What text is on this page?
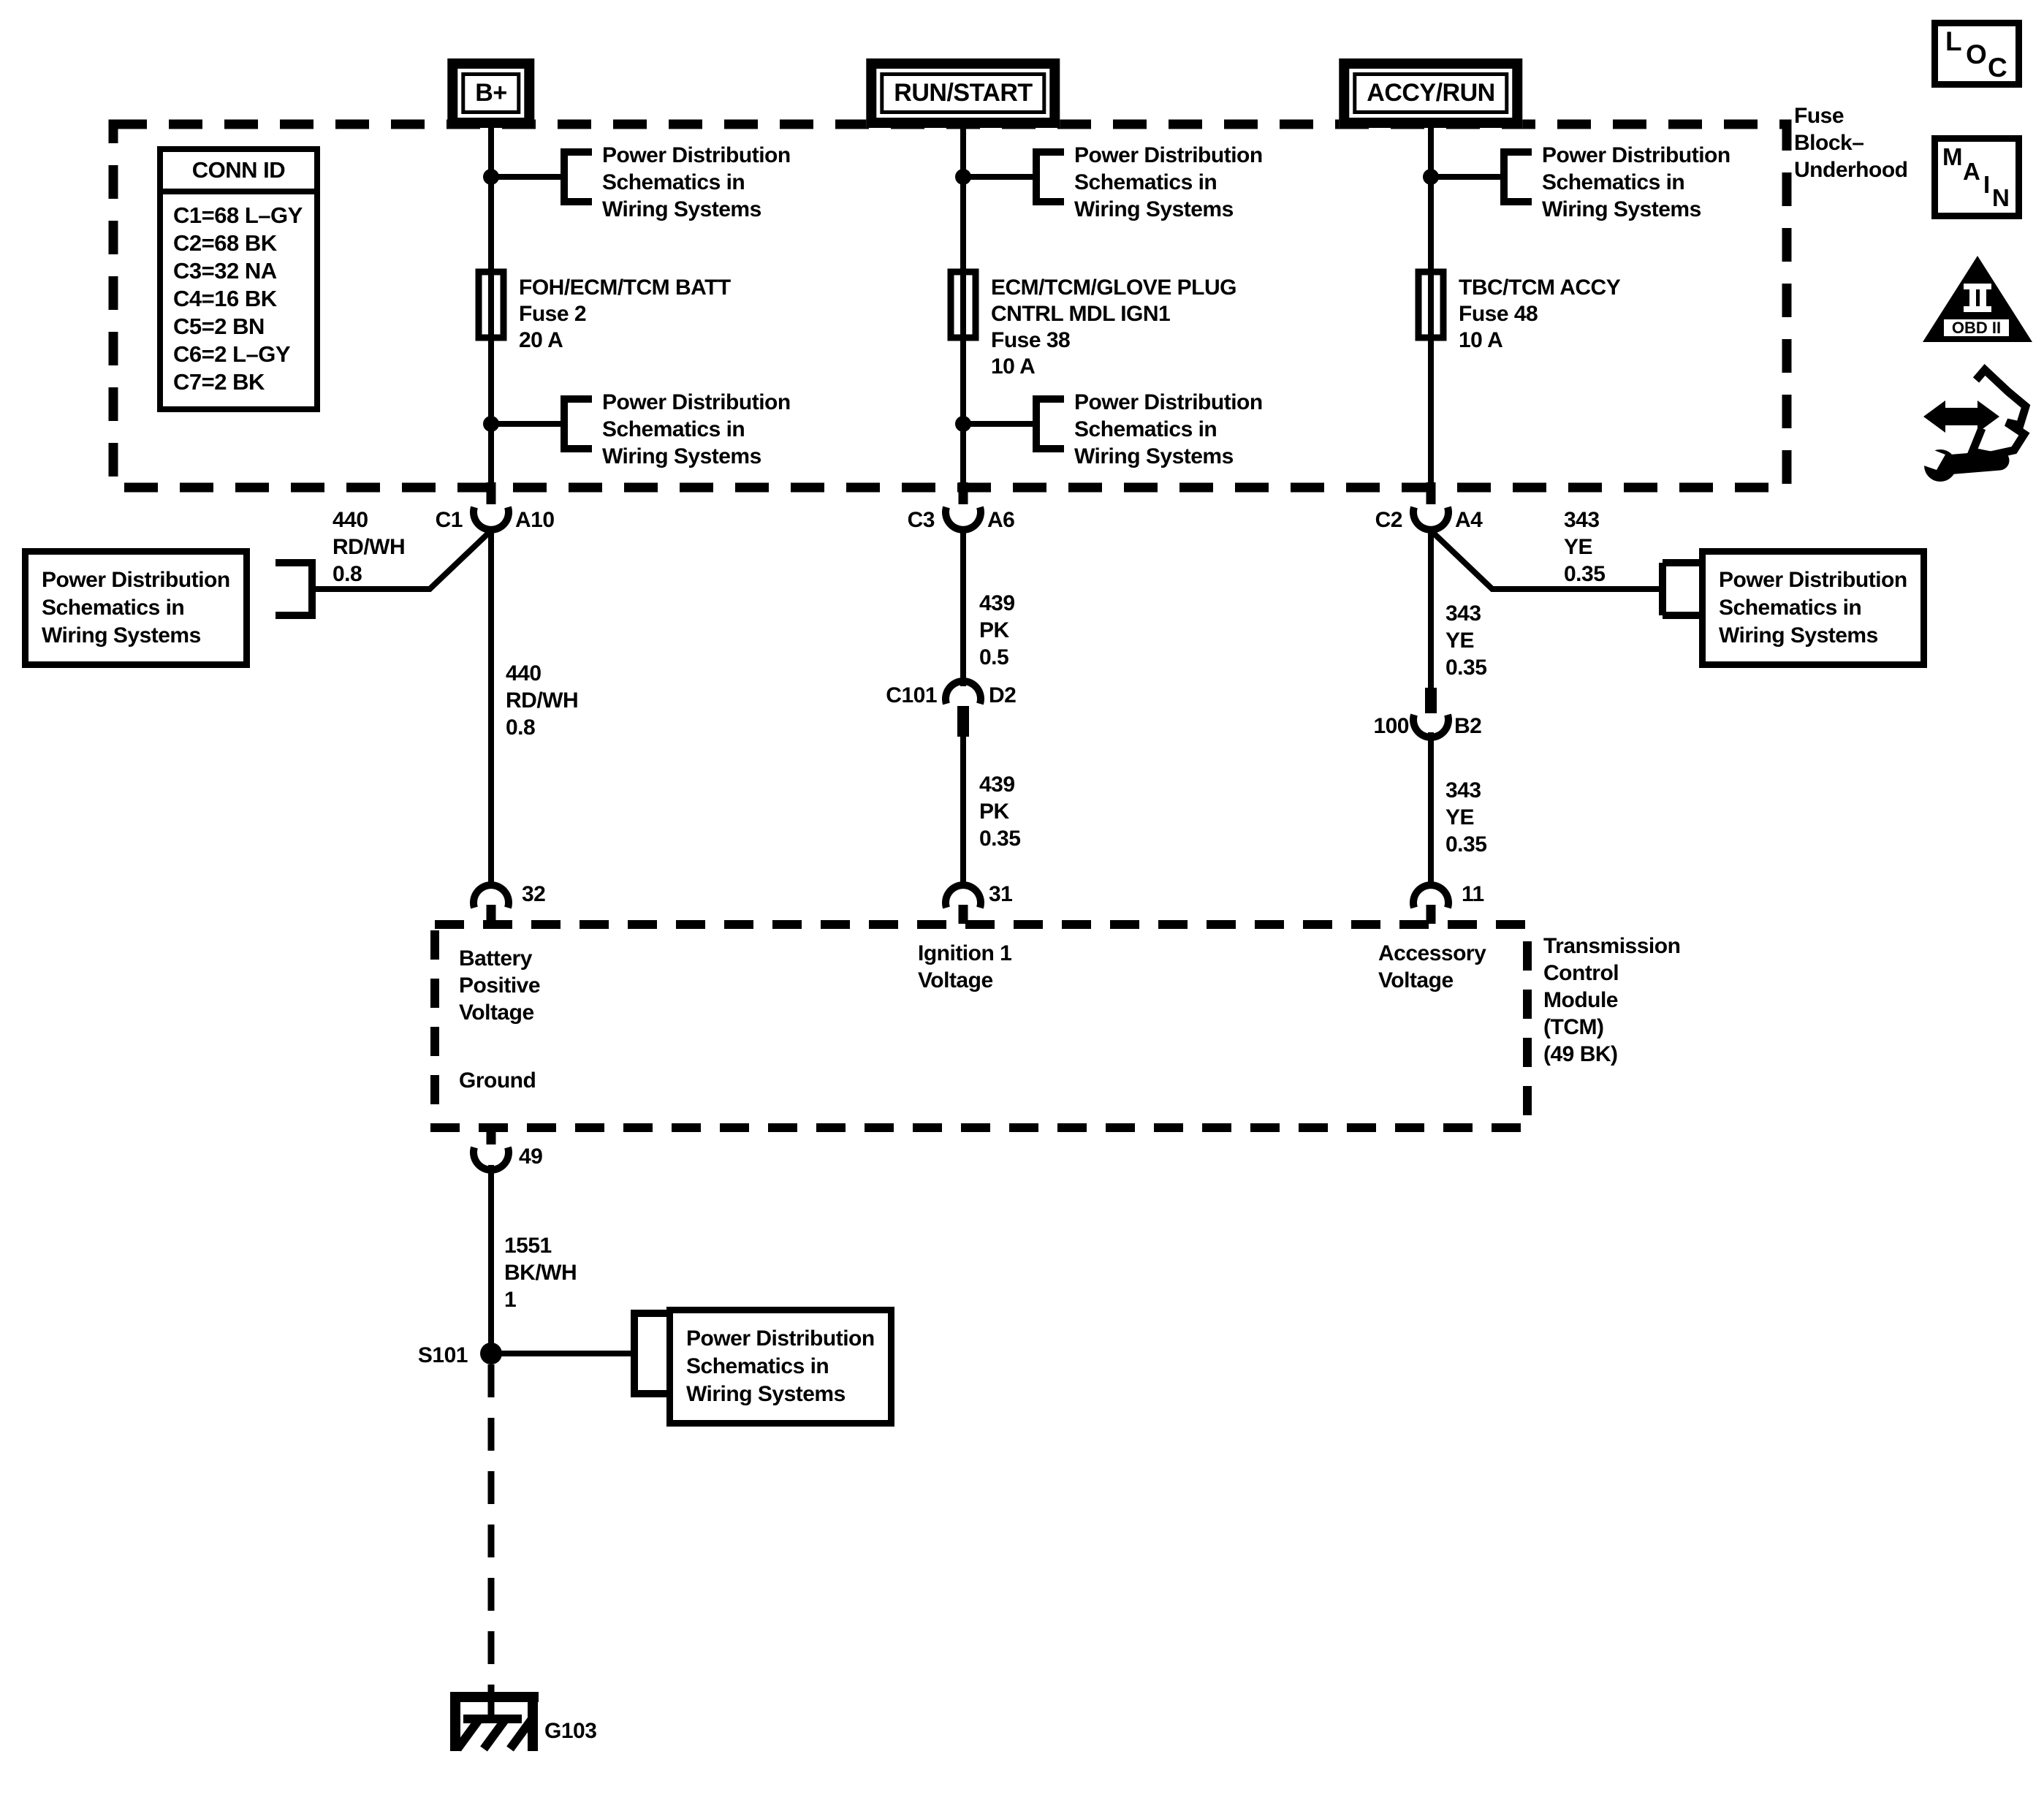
B+	RUN/START	ACCY/RUN
L O C
M
A I N
OBD II
Fuse
Block–
Underhood
CONN ID
C1=68 L–GY
C2=68 BK
C3=32 NA
C4=16 BK
C5=2 BN
C6=2 L–GY
C7=2 BK
Power Distribution
Schematics in
Wiring Systems
Power Distribution
Schematics in
Wiring Systems
Power Distribution
Schematics in
Wiring Systems
Power Distribution
Schematics in
Wiring Systems
Power Distribution
Schematics in
Wiring Systems
FOH/ECM/TCM BATT
Fuse 2
20 A
ECM/TCM/GLOVE PLUG
CNTRL MDL IGN1
Fuse 38
10 A
TBC/TCM ACCY
Fuse 48
10 A
C1 A10	C3 A6	C2 A4
440
RD/WH
0.8
343
YE
0.35
440
RD/WH
0.8
439
PK
0.5
343
YE
0.35
C101 D2
100 B2
439
PK
0.35
343
YE
0.35
32	31	11
Battery
Positive
Voltage
Ignition 1
Voltage
Accessory
Voltage
Ground
Transmission
Control
Module
(TCM)
(49 BK)
49
1551
BK/WH
1
S101
G103
Power Distribution
Schematics in
Wiring Systems
Power Distribution
Schematics in
Wiring Systems
Power Distribution
Schematics in
Wiring Systems
